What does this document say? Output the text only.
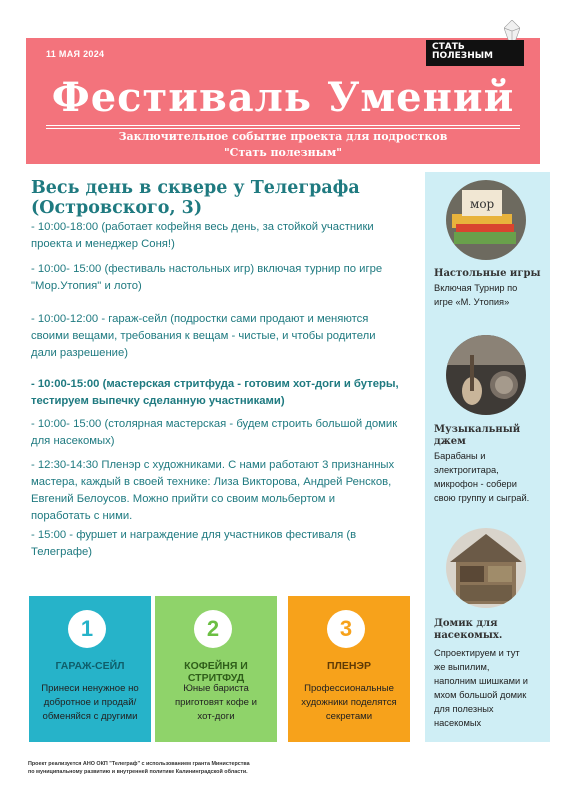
11 МАЯ 2024
СТАТЬ
ПОЛЕЗНЫМ
Фестиваль Умений
Заключительное событие проекта для подростков
"Стать полезным"
Весь день в сквере у Телеграфа
(Островского, 3)
- 10:00-18:00 (работает кофейня весь день, за стойкой участники
проекта и менеджер Соня!)
- 10:00- 15:00 (фестиваль настольных игр) включая турнир по игре
"Мор.Утопия" и лото)
- 10:00-12:00 - гараж-сейл (подростки сами продают и меняются
своими вещами, требования к вещам - чистые, и чтобы родители
дали разрешение)
- 10:00-15:00 (мастерская стритфуда - готовим хот-доги и бутеры,
тестируем выпечку сделанную участниками)
- 10:00- 15:00 (столярная мастерская - будем строить большой домик
для насекомых)
- 12:30-14:30 Пленэр с художниками. С нами работают 3 признанных
мастера, каждый в своей технике: Лиза Викторова, Андрей Ренсков,
Евгений Белоусов. Можно прийти со своим мольбертом и
поработать с ними.
- 15:00 - фуршет и награждение для участников фестиваля (в
Телеграфе)
мор
Настольные игры
Включая Турнир по
игре «М. Утопия»
Музыкальный
джем
Барабаны и
электрогитара,
микрофон - собери
свою группу и сыграй.
Домик для
насекомых.
Спроектируем и тут
же выпилим,
наполним шишками и
мхом большой домик
для полезных
насекомых
1
ГАРАЖ-СЕЙЛ
Принеси ненужное но
добротное и продай/
обменяйся с другими
2
КОФЕЙНЯ И СТРИТФУД
Юные бариста
приготовят кофе и
хот-доги
3
ПЛЕНЭР
Профессиональные
художники поделятся
секретами
Проект реализуется АНО ОКП "Телеграф" с использованием гранта Министерства
по муниципальному развитию и внутренней политике Калининградской области.
